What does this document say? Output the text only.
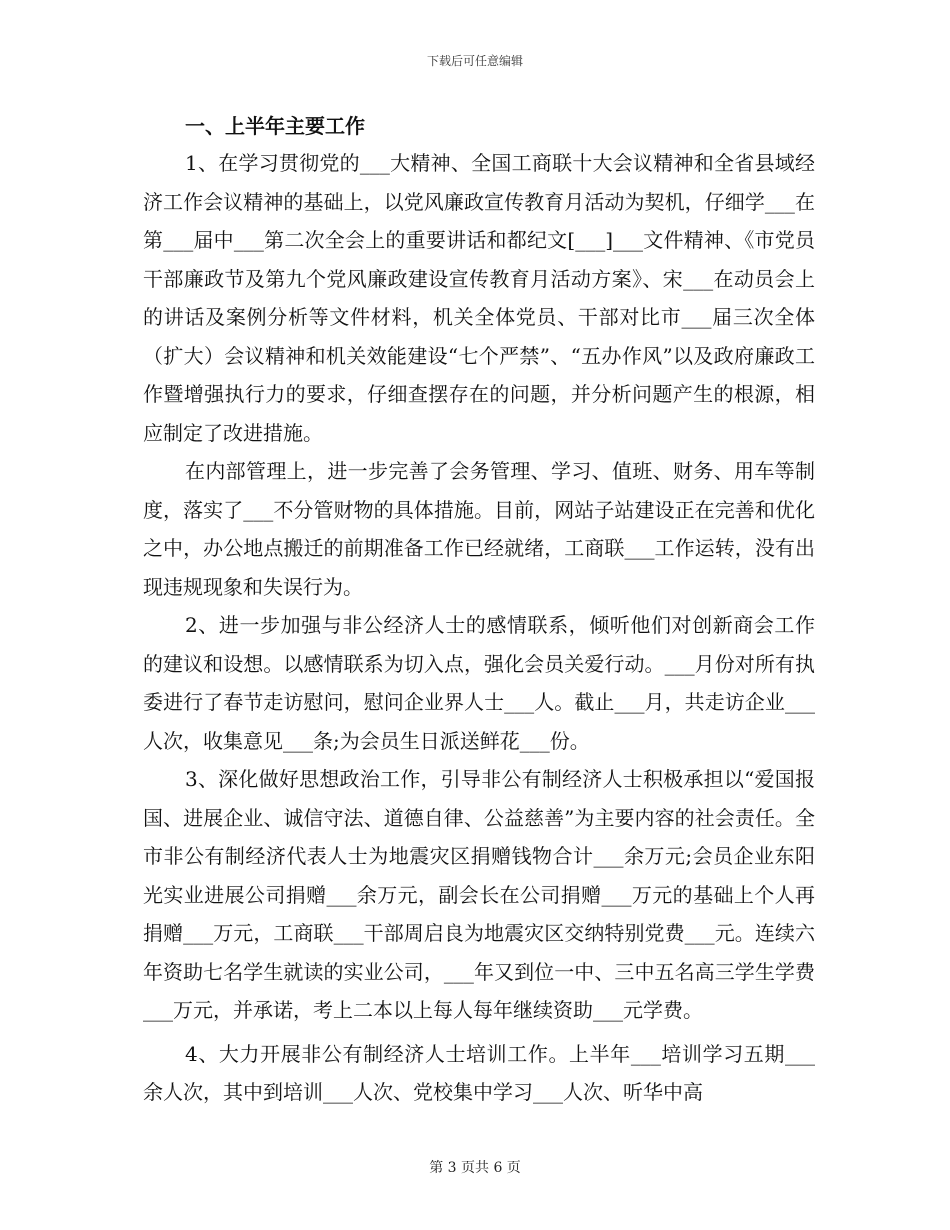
下载后可任意编辑
一、上半年主要工作

1、在学习贯彻党的___大精神、全国工商联十大会议精神和全省县域经济工作会议精神的基础上，以党风廉政宣传教育月活动为契机，仔细学___在第___届中___第二次全会上的重要讲话和都纪文[___]___文件精神、《市党员干部廉政节及第九个党风廉政建设宣传教育月活动方案》、宋___在动员会上的讲话及案例分析等文件材料，机关全体党员、干部对比市___届三次全体（扩大）会议精神和机关效能建设“七个严禁”、“五办作风”以及政府廉政工作暨增强执行力的要求，仔细查摆存在的问题，并分析问题产生的根源，相应制定了改进措施。

在内部管理上，进一步完善了会务管理、学习、值班、财务、用车等制度，落实了___不分管财物的具体措施。目前，网站子站建设正在完善和优化之中，办公地点搬迁的前期准备工作已经就绪，工商联___工作运转，没有出现违规现象和失误行为。

2、进一步加强与非公经济人士的感情联系，倾听他们对创新商会工作的建议和设想。以感情联系为切入点，强化会员关爱行动。___月份对所有执委进行了春节走访慰问，慰问企业界人士___人。截止___月，共走访企业___人次，收集意见___条;为会员生日派送鲜花___份。

3、深化做好思想政治工作，引导非公有制经济人士积极承担以“爱国报国、进展企业、诚信守法、道德自律、公益慈善”为主要内容的社会责任。全市非公有制经济代表人士为地震灾区捐赠钱物合计___余万元;会员企业东阳光实业进展公司捐赠___余万元，副会长在公司捐赠___万元的基础上个人再捐赠___万元，工商联___干部周启良为地震灾区交纳特别党费___元。连续六年资助七名学生就读的实业公司，___年又到位一中、三中五名高三学生学费___万元，并承诺，考上二本以上每人每年继续资助___元学费。

4、大力开展非公有制经济人士培训工作。上半年___培训学习五期___余人次，其中到培训___人次、党校集中学习___人次、听华中高

第 3 页共 6 页
